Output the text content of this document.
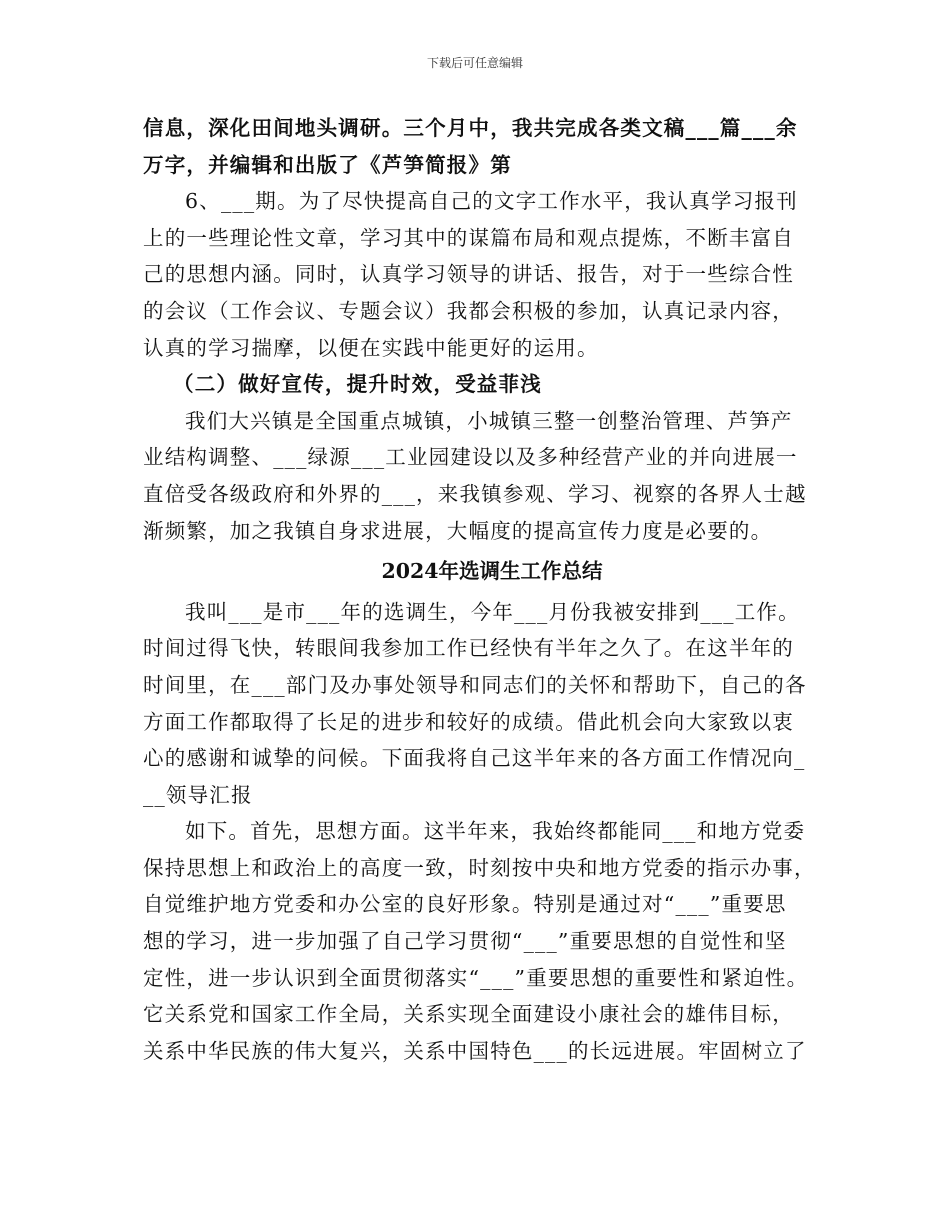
下载后可任意编辑
信息，深化田间地头调研。三个月中，我共完成各类文稿___篇___余
万字，并编辑和出版了《芦笋简报》第
6、___期。为了尽快提高自己的文字工作水平，我认真学习报刊
上的一些理论性文章，学习其中的谋篇布局和观点提炼，不断丰富自
己的思想内涵。同时，认真学习领导的讲话、报告，对于一些综合性
的会议（工作会议、专题会议）我都会积极的参加，认真记录内容，
认真的学习揣摩，以便在实践中能更好的运用。
（二）做好宣传，提升时效，受益菲浅
我们大兴镇是全国重点城镇，小城镇三整一创整治管理、芦笋产
业结构调整、___绿源___工业园建设以及多种经营产业的并向进展一
直倍受各级政府和外界的___，来我镇参观、学习、视察的各界人士越
渐频繁，加之我镇自身求进展，大幅度的提高宣传力度是必要的。
2024年选调生工作总结
我叫___是市___年的选调生，今年___月份我被安排到___工作。
时间过得飞快，转眼间我参加工作已经快有半年之久了。在这半年的
时间里，在___部门及办事处领导和同志们的关怀和帮助下，自己的各
方面工作都取得了长足的进步和较好的成绩。借此机会向大家致以衷
心的感谢和诚挚的问候。下面我将自己这半年来的各方面工作情况向_
__领导汇报
如下。首先，思想方面。这半年来，我始终都能同___和地方党委
保持思想上和政治上的高度一致，时刻按中央和地方党委的指示办事，
自觉维护地方党委和办公室的良好形象。特别是通过对“___”重要思
想的学习，进一步加强了自己学习贯彻“___”重要思想的自觉性和坚
定性，进一步认识到全面贯彻落实“___”重要思想的重要性和紧迫性。
它关系党和国家工作全局，关系实现全面建设小康社会的雄伟目标，
关系中华民族的伟大复兴，关系中国特色___的长远进展。牢固树立了
